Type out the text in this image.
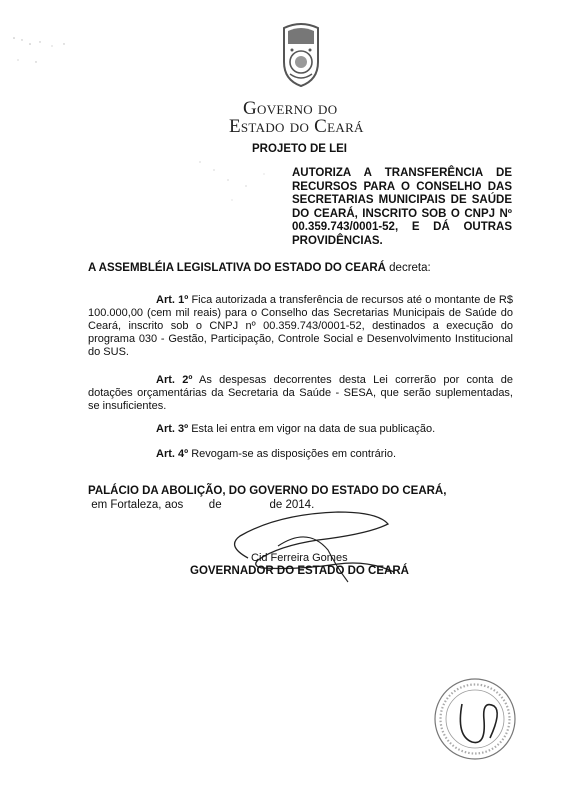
Governo do
Estado do Ceará
PROJETO DE LEI
AUTORIZA A TRANSFERÊNCIA DE RECURSOS PARA O CONSELHO DAS SECRETARIAS MUNICIPAIS DE SAÚDE DO CEARÁ, INSCRITO SOB O CNPJ Nº 00.359.743/0001-52, E DÁ OUTRAS PROVIDÊNCIAS.
A ASSEMBLÉIA LEGISLATIVA DO ESTADO DO CEARÁ decreta:
Art. 1º Fica autorizada a transferência de recursos até o montante de R$ 100.000,00 (cem mil reais) para o Conselho das Secretarias Municipais de Saúde do Ceará, inscrito sob o CNPJ nº 00.359.743/0001-52, destinados a execução do programa 030 - Gestão, Participação, Controle Social e Desenvolvimento Institucional do SUS.
Art. 2º As despesas decorrentes desta Lei correrão por conta de dotações orçamentárias da Secretaria da Saúde - SESA, que serão suplementadas, se insuficientes.
Art. 3º Esta lei entra em vigor na data de sua publicação.
Art. 4º Revogam-se as disposições em contrário.
PALÁCIO DA ABOLIÇÃO, DO GOVERNO DO ESTADO DO CEARÁ, em Fortaleza, aos        de               de 2014.
Cid Ferreira Gomes
GOVERNADOR DO ESTADO DO CEARÁ
